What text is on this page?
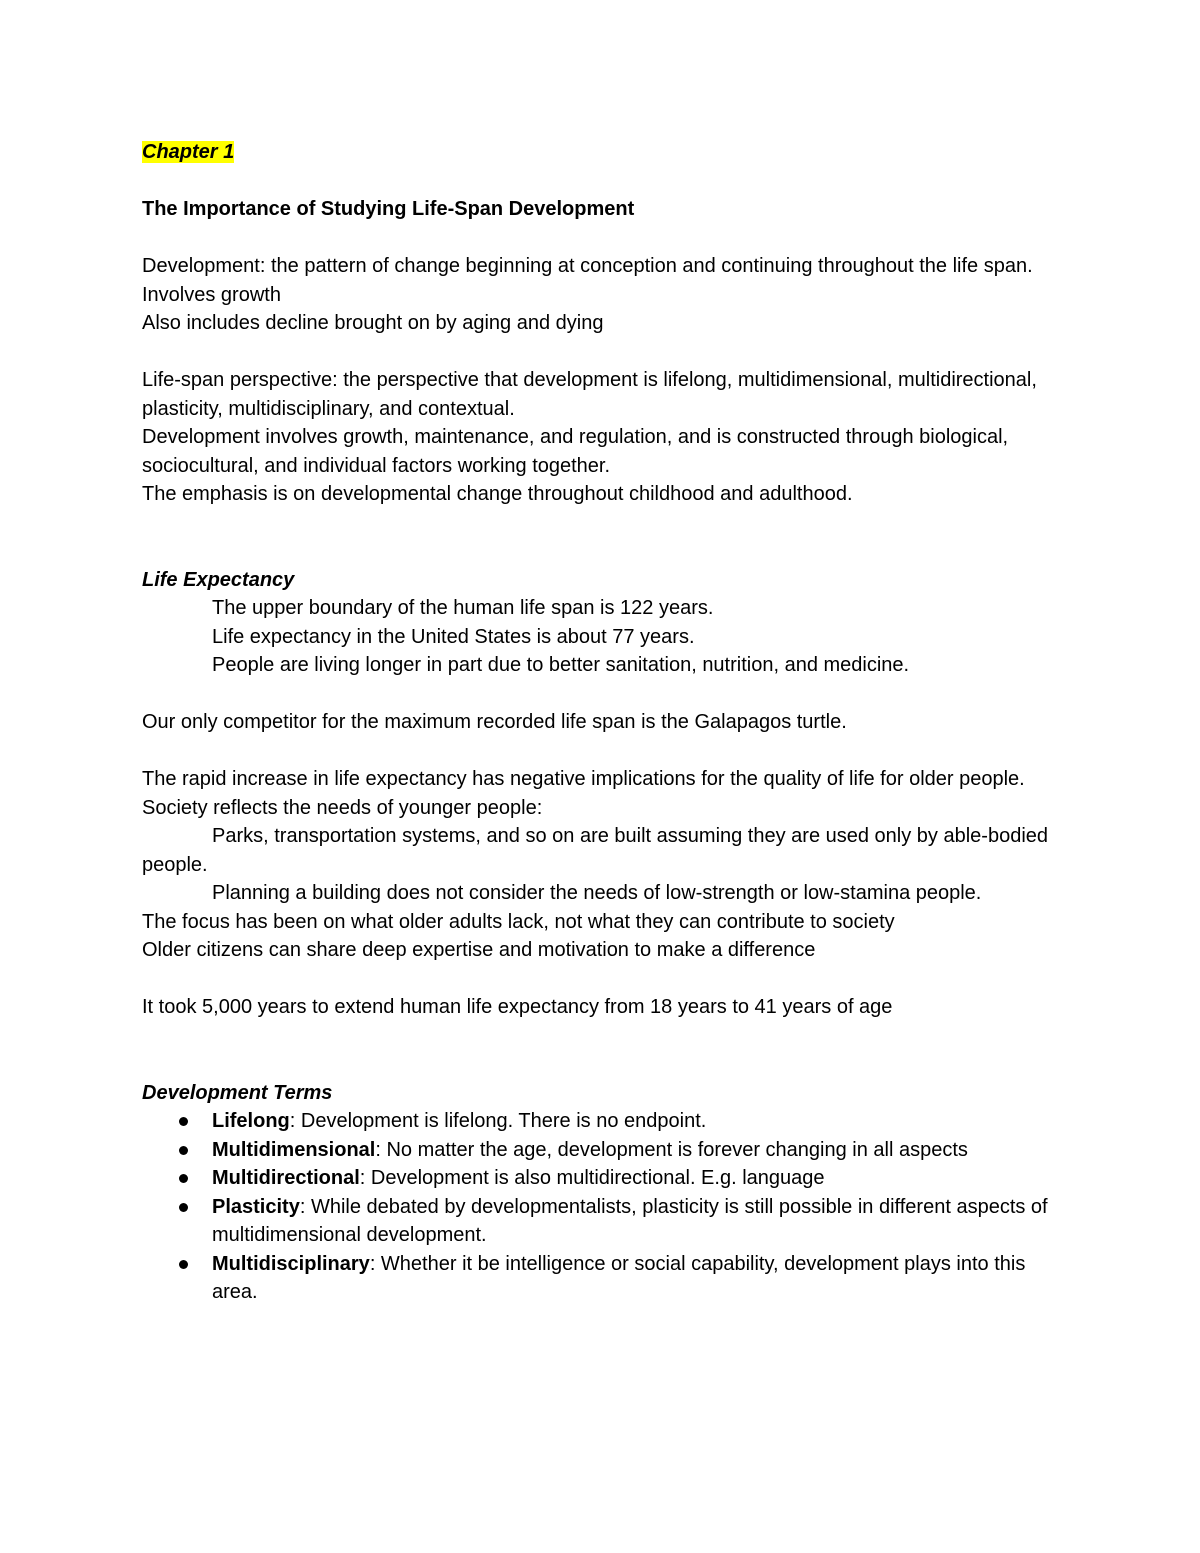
Chapter 1

The Importance of Studying Life-Span Development

Development: the pattern of change beginning at conception and continuing throughout the life span.

Involves growth

Also includes decline brought on by aging and dying

Life-span perspective: the perspective that development is lifelong, multidimensional, multidirectional, plasticity, multidisciplinary, and contextual.

Development involves growth, maintenance, and regulation, and is constructed through biological, sociocultural, and individual factors working together.

The emphasis is on developmental change throughout childhood and adulthood.

Life Expectancy

The upper boundary of the human life span is 122 years.

Life expectancy in the United States is about 77 years.

People are living longer in part due to better sanitation, nutrition, and medicine.

Our only competitor for the maximum recorded life span is the Galapagos turtle.

The rapid increase in life expectancy has negative implications for the quality of life for older people.

Society reflects the needs of younger people:

Parks, transportation systems, and so on are built assuming they are used only by able-bodied people.

Planning a building does not consider the needs of low-strength or low-stamina people.

The focus has been on what older adults lack, not what they can contribute to society

Older citizens can share deep expertise and motivation to make a difference

It took 5,000 years to extend human life expectancy from 18 years to 41 years of age

Development Terms

Lifelong: Development is lifelong. There is no endpoint.
Multidimensional: No matter the age, development is forever changing in all aspects
Multidirectional: Development is also multidirectional. E.g. language
Plasticity: While debated by developmentalists, plasticity is still possible in different aspects of multidimensional development.
Multidisciplinary: Whether it be intelligence or social capability, development plays into this area.
